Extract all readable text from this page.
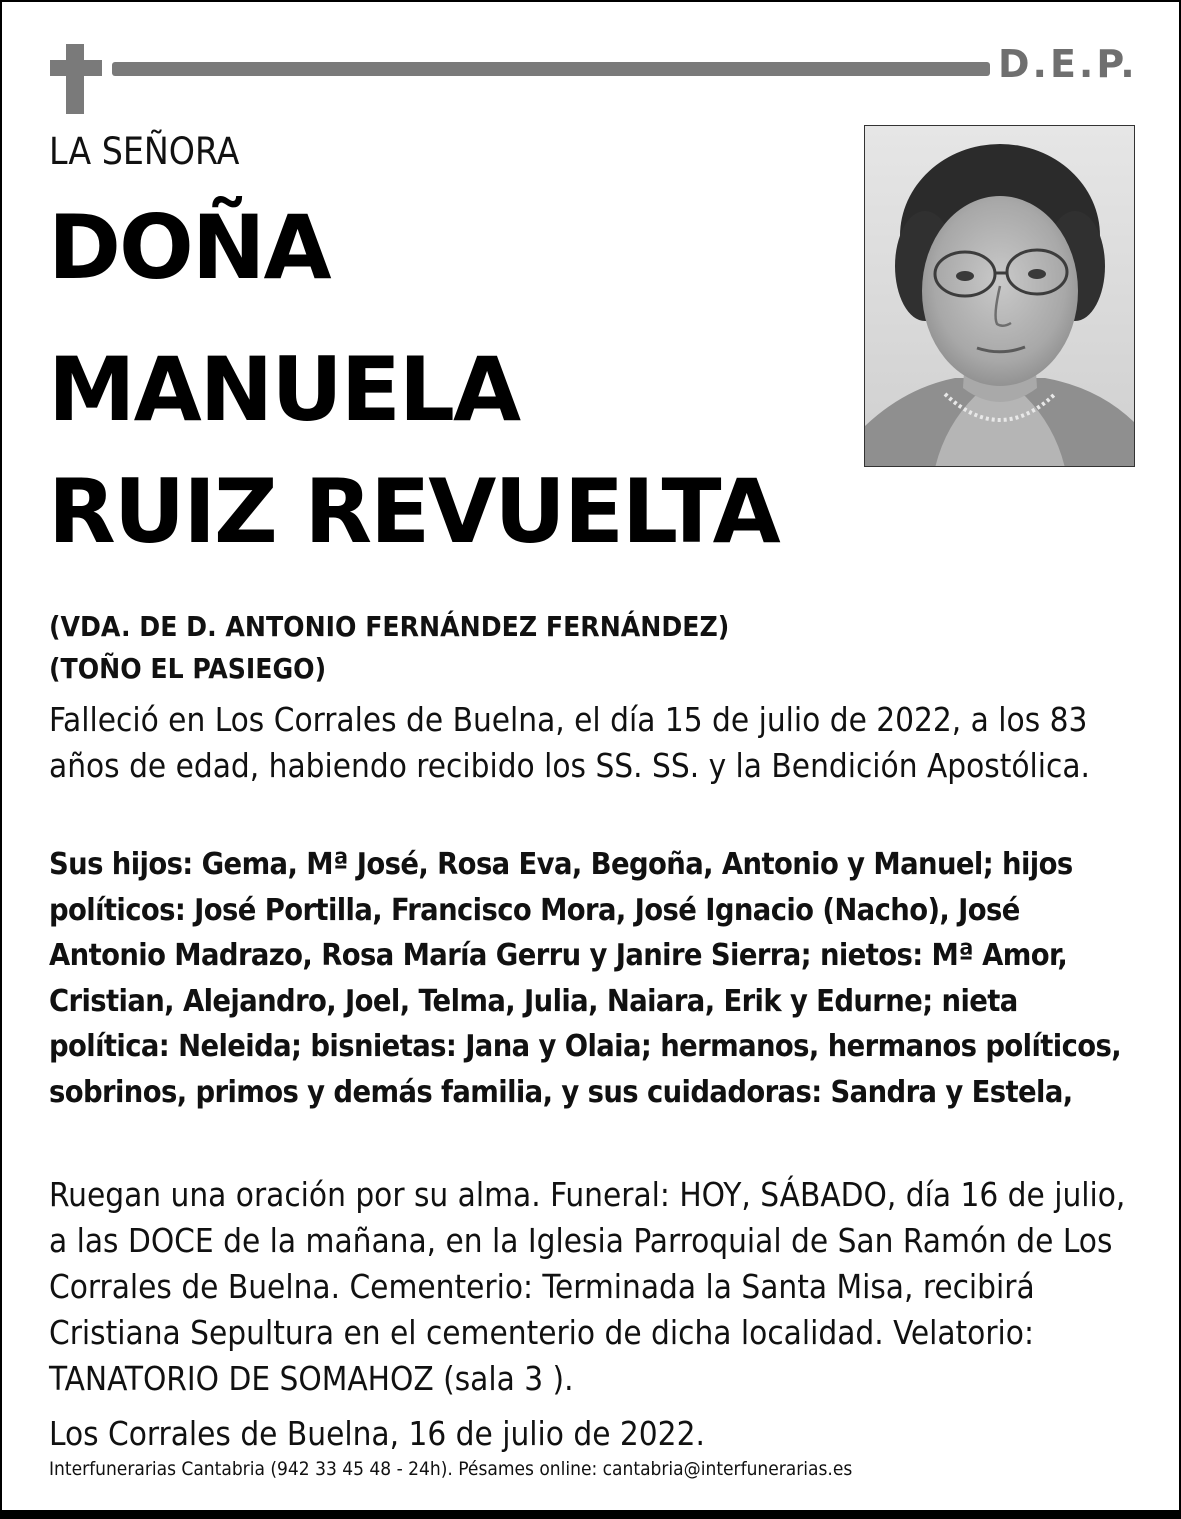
D.E.P.
LA SEÑORA
DOÑA
MANUELA
RUIZ REVUELTA
(VDA. DE D. ANTONIO FERNÁNDEZ FERNÁNDEZ)
(TOÑO EL PASIEGO)
Falleció en Los Corrales de Buelna, el día 15 de julio de 2022, a los 83 años de edad, habiendo recibido los SS. SS. y la Bendición Apostólica.
Sus hijos: Gema, Mª José, Rosa Eva, Begoña, Antonio y Manuel; hijos políticos: José Portilla, Francisco Mora, José Ignacio (Nacho), José Antonio Madrazo, Rosa María Gerru y Janire Sierra; nietos: Mª Amor, Cristian, Alejandro, Joel, Telma, Julia, Naiara, Erik y Edurne; nieta política: Neleida; bisnietas: Jana y Olaia; hermanos, hermanos políticos, sobrinos, primos y demás familia, y sus cuidadoras: Sandra y Estela,
Ruegan una oración por su alma. Funeral: HOY, SÁBADO, día 16 de julio, a las DOCE de la mañana, en la Iglesia Parroquial de San Ramón de Los Corrales de Buelna. Cementerio: Terminada la Santa Misa, recibirá Cristiana Sepultura en el cementerio de dicha localidad. Velatorio: TANATORIO DE SOMAHOZ (sala 3 ).
Los Corrales de Buelna, 16 de julio de 2022.
Interfunerarias Cantabria (942 33 45 48 - 24h). Pésames online: cantabria@interfunerarias.es
